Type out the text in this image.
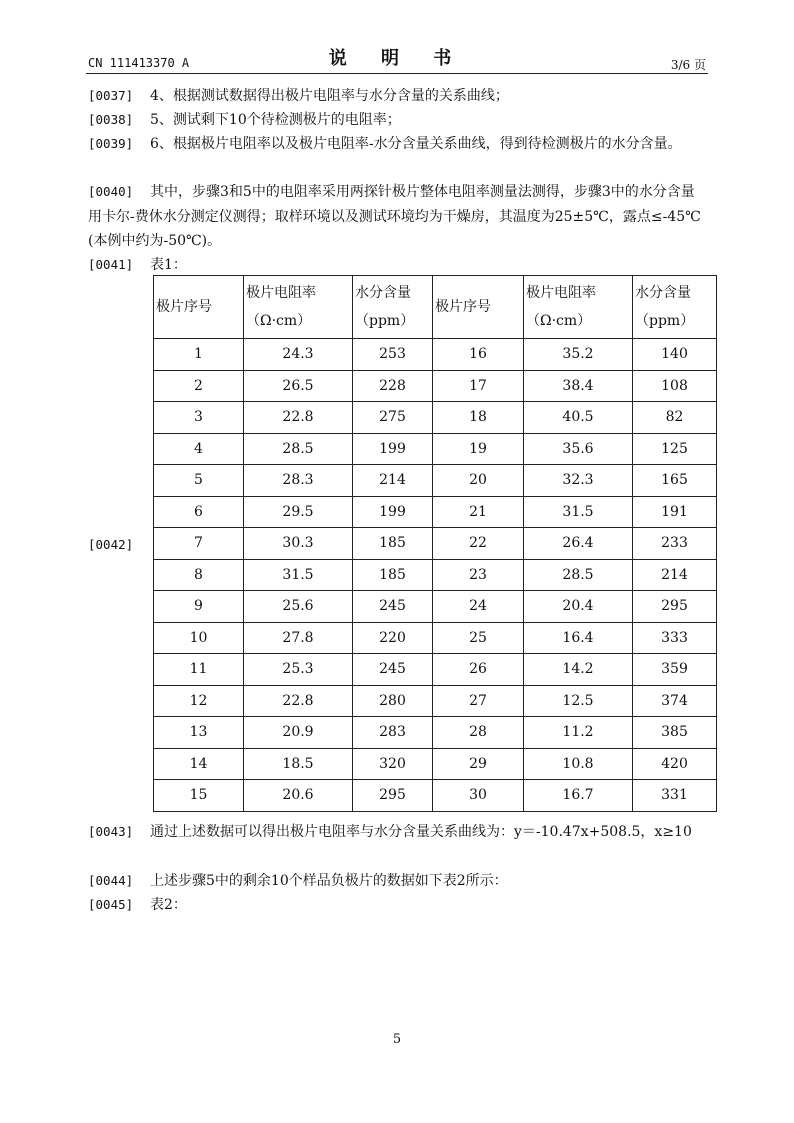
CN 111413370 A	说 明 书	3/6 页
[0037] 4、根据测试数据得出极片电阻率与水分含量的关系曲线；
[0038] 5、测试剩下10个待检测极片的电阻率；
[0039] 6、根据极片电阻率以及极片电阻率-水分含量关系曲线，得到待检测极片的水分含量。
[0040] 其中，步骤3和5中的电阻率采用两探针极片整体电阻率测量法测得，步骤3中的水分含量用卡尔-费休水分测定仪测得；取样环境以及测试环境均为干燥房，其温度为25±5℃，露点≤-45℃(本例中约为-50℃)。
[0041] 表1：
[0042]
极片序号	极片电阻率（Ω·cm）	水分含量（ppm）	极片序号	极片电阻率（Ω·cm）	水分含量（ppm）
1	24.3	253	16	35.2	140
2	26.5	228	17	38.4	108
3	22.8	275	18	40.5	82
4	28.5	199	19	35.6	125
5	28.3	214	20	32.3	165
6	29.5	199	21	31.5	191
7	30.3	185	22	26.4	233
8	31.5	185	23	28.5	214
9	25.6	245	24	20.4	295
10	27.8	220	25	16.4	333
11	25.3	245	26	14.2	359
12	22.8	280	27	12.5	374
13	20.9	283	28	11.2	385
14	18.5	320	29	10.8	420
15	20.6	295	30	16.7	331
[0043] 通过上述数据可以得出极片电阻率与水分含量关系曲线为：y＝-10.47x+508.5，x≥10
[0044] 上述步骤5中的剩余10个样品负极片的数据如下表2所示：
[0045] 表2：
5
